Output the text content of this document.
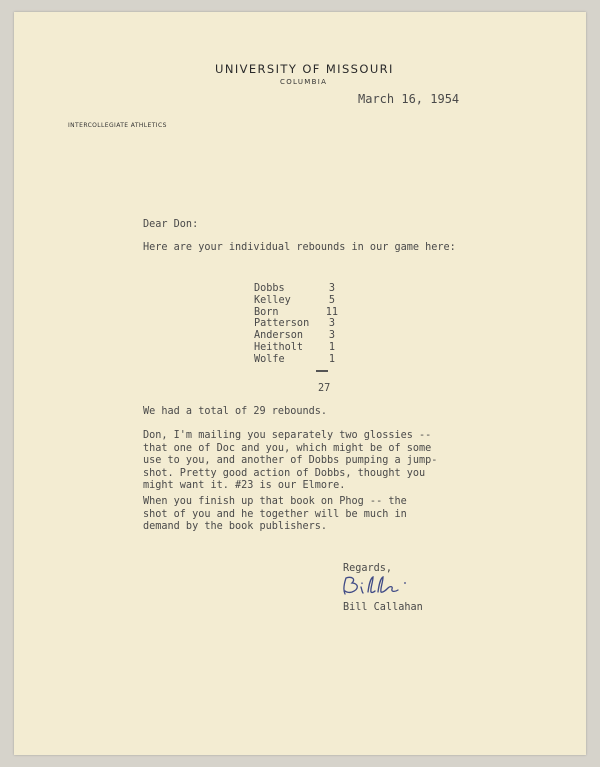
UNIVERSITY OF MISSOURI
COLUMBIA
INTERCOLLEGIATE ATHLETICS
March 16, 1954
Dear Don:
Here are your individual rebounds in our game here:
Dobbs	3
Kelley	5
Born	11
Patterson 3
Anderson	3
Heitholt	1
Wolfe	1
27
We had a total of 29 rebounds.
Don, I'm mailing you separately two glossies --
that one of Doc and you, which might be of some
use to you, and another of Dobbs pumping a jump-
shot. Pretty good action of Dobbs, thought you
might want it. #23 is our Elmore.
When you finish up that book on Phog -- the
shot of you and he together will be much in
demand by the book publishers.
Regards,
Bill Callahan
